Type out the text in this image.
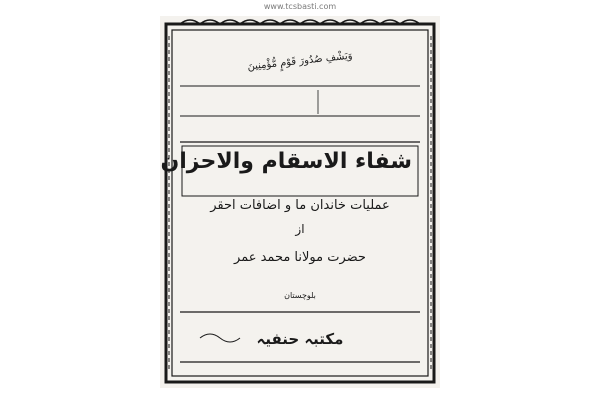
www.tcsbasti.com
وَيَشْفِ صُدُورَ قَوْمٍ مُّؤْمِنِينَ
شفاء الاسقام والاحزان
عملیات خاندان ما و اضافات احقر
از
حضرت مولانا محمد عمر
بلوچستان
مکتبہ حنفیہ
